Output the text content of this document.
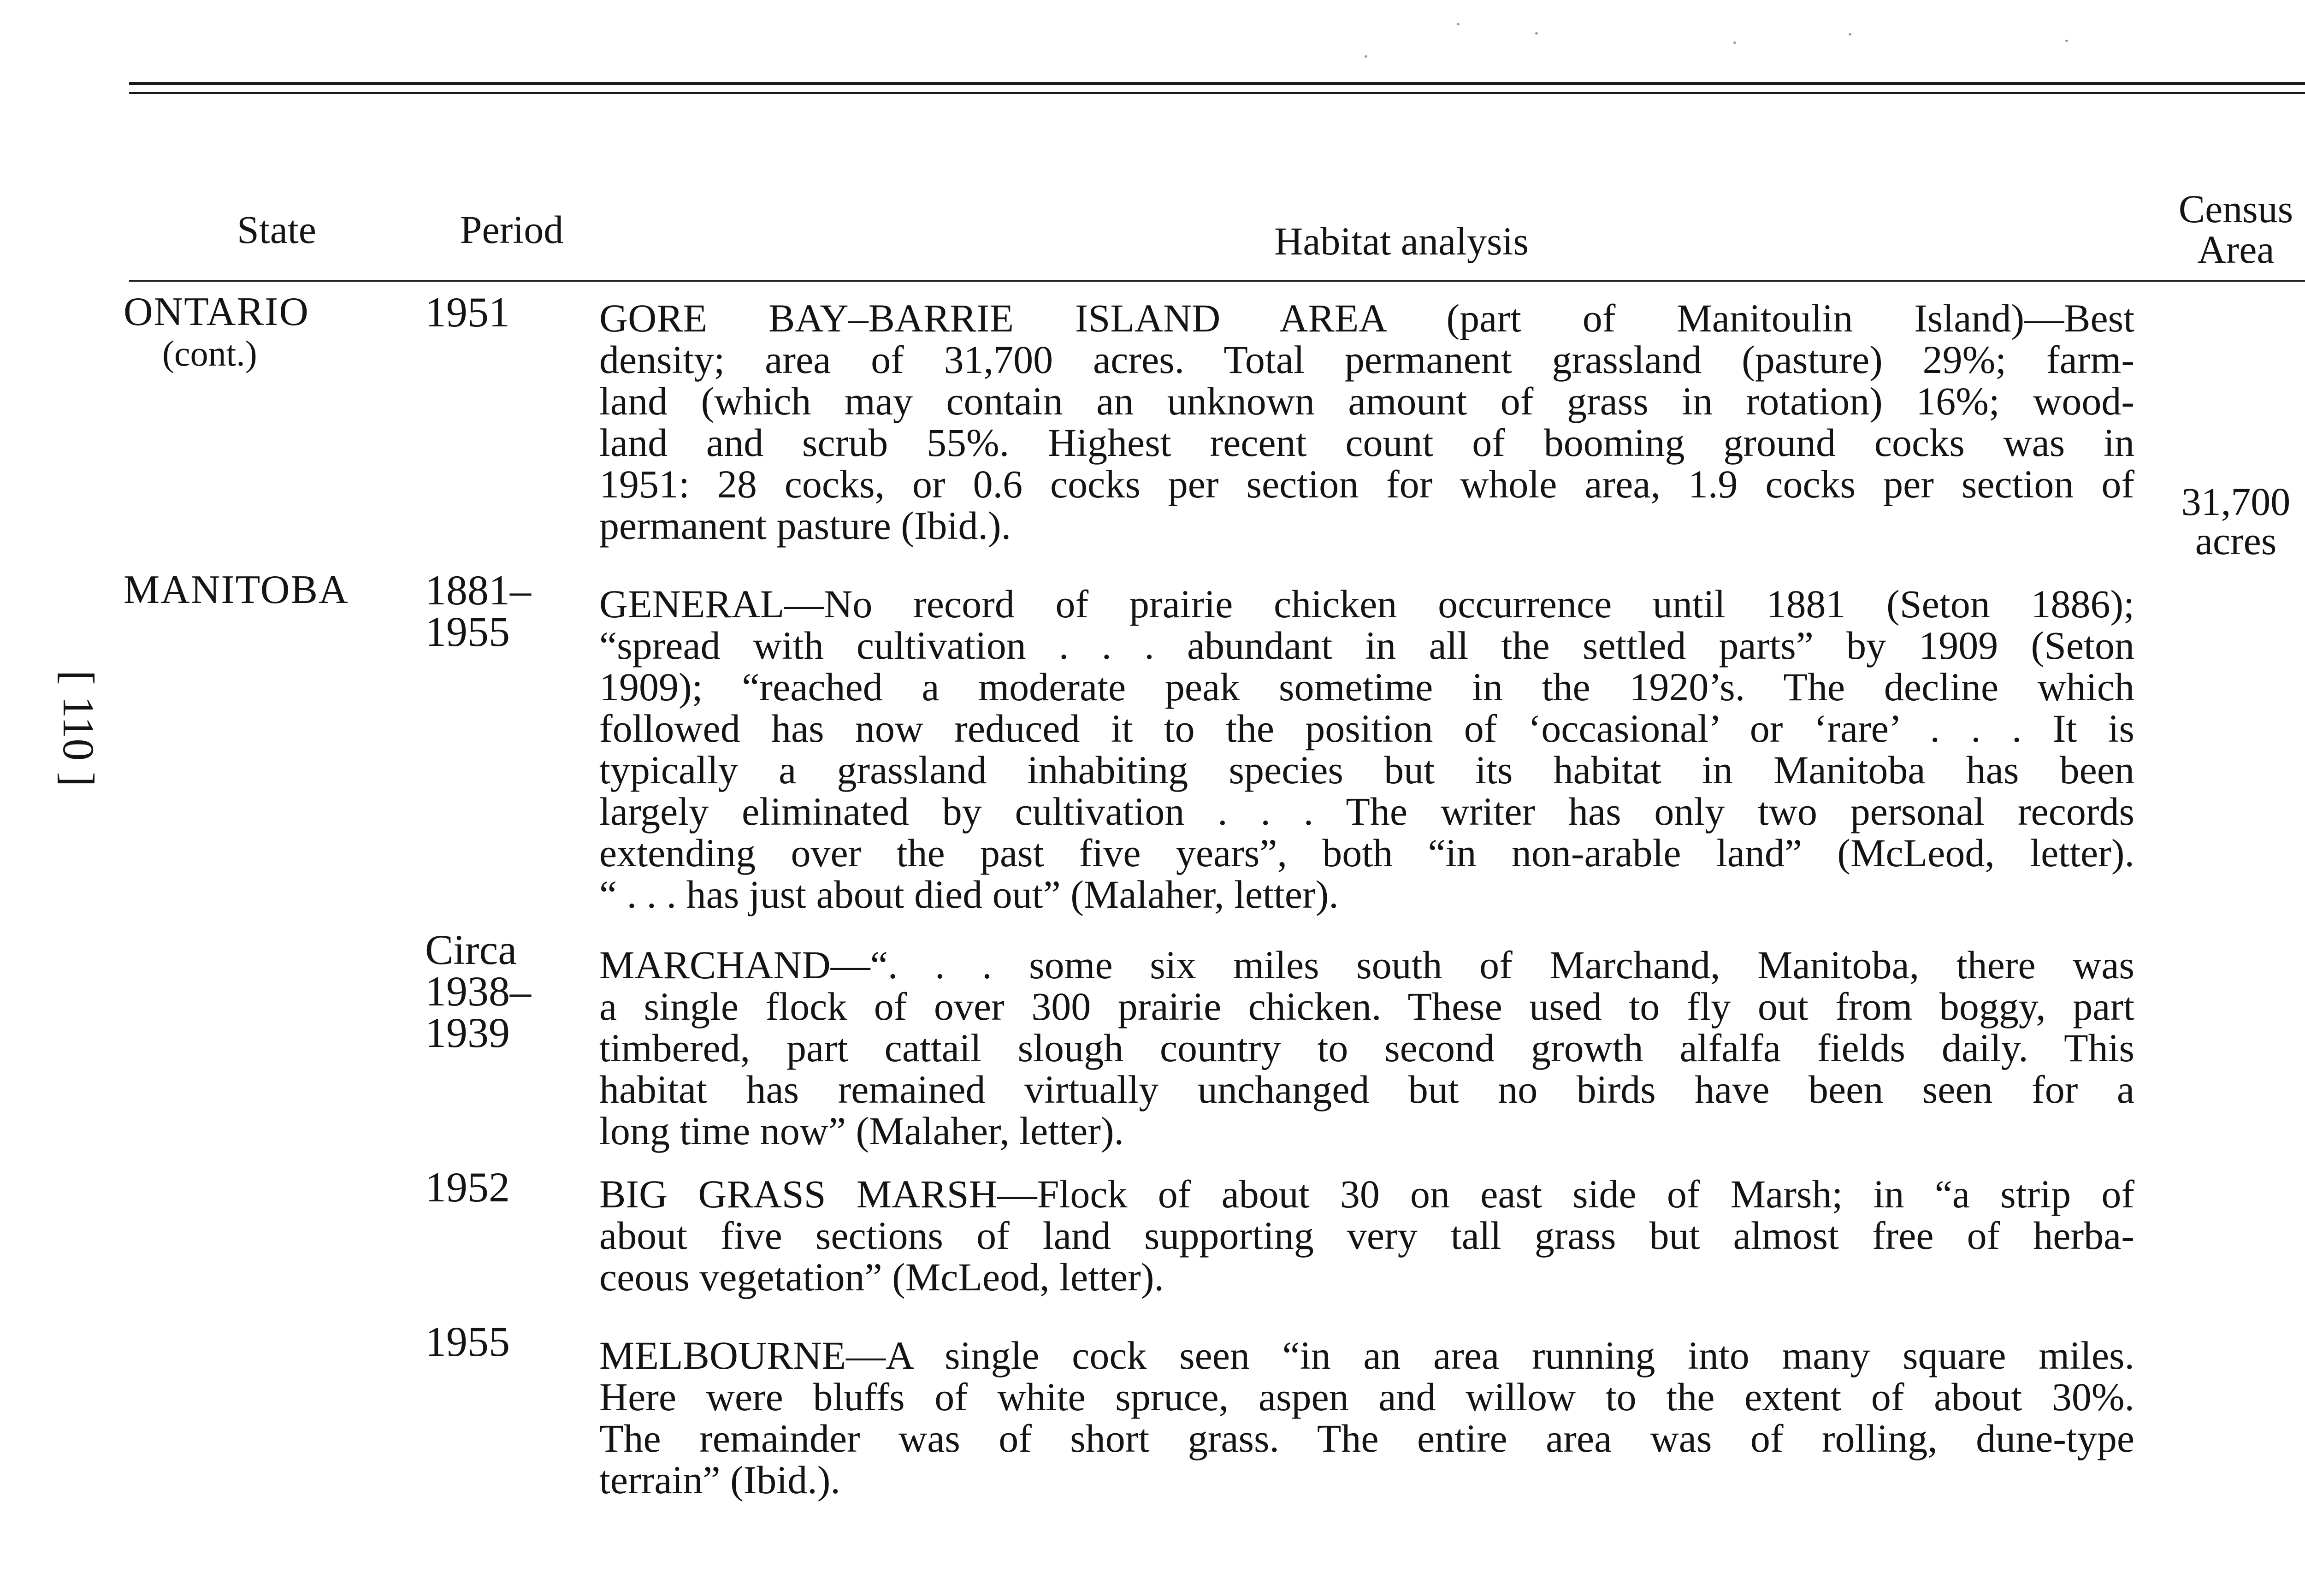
[ 110 ]
State	Period	Habitat analysis
Census
Area
ONTARIO
(cont.)
1951 GORE BAY–BARRIE ISLAND AREA (part of Manitoulin Island)—Best
density; area of 31,700 acres. Total permanent grassland (pasture) 29%; farm-
land (which may contain an unknown amount of grass in rotation) 16%; wood-
land and scrub 55%. Highest recent count of booming ground cocks was in
1951: 28 cocks, or 0.6 cocks per section for whole area, 1.9 cocks per section of
permanent pasture (Ibid.).
31,700
acres
MANITOBA 1881–
1955
GENERAL—No record of prairie chicken occurrence until 1881 (Seton 1886);
“spread with cultivation . . . abundant in all the settled parts” by 1909 (Seton
1909); “reached a moderate peak sometime in the 1920’s. The decline which
followed has now reduced it to the position of ‘occasional’ or ‘rare’ . . . It is
typically a grassland inhabiting species but its habitat in Manitoba has been
largely eliminated by cultivation . . . The writer has only two personal records
extending over the past five years”, both “in non-arable land” (McLeod, letter).
“ . . . has just about died out” (Malaher, letter).
Circa
1938–
1939
MARCHAND—“. . . some six miles south of Marchand, Manitoba, there was
a single flock of over 300 prairie chicken. These used to fly out from boggy, part
timbered, part cattail slough country to second growth alfalfa fields daily. This
habitat has remained virtually unchanged but no birds have been seen for a
long time now” (Malaher, letter).
1952 BIG GRASS MARSH—Flock of about 30 on east side of Marsh; in “a strip of
about five sections of land supporting very tall grass but almost free of herba-
ceous vegetation” (McLeod, letter).
1955 MELBOURNE—A single cock seen “in an area running into many square miles.
Here were bluffs of white spruce, aspen and willow to the extent of about 30%.
The remainder was of short grass. The entire area was of rolling, dune-type
terrain” (Ibid.).
